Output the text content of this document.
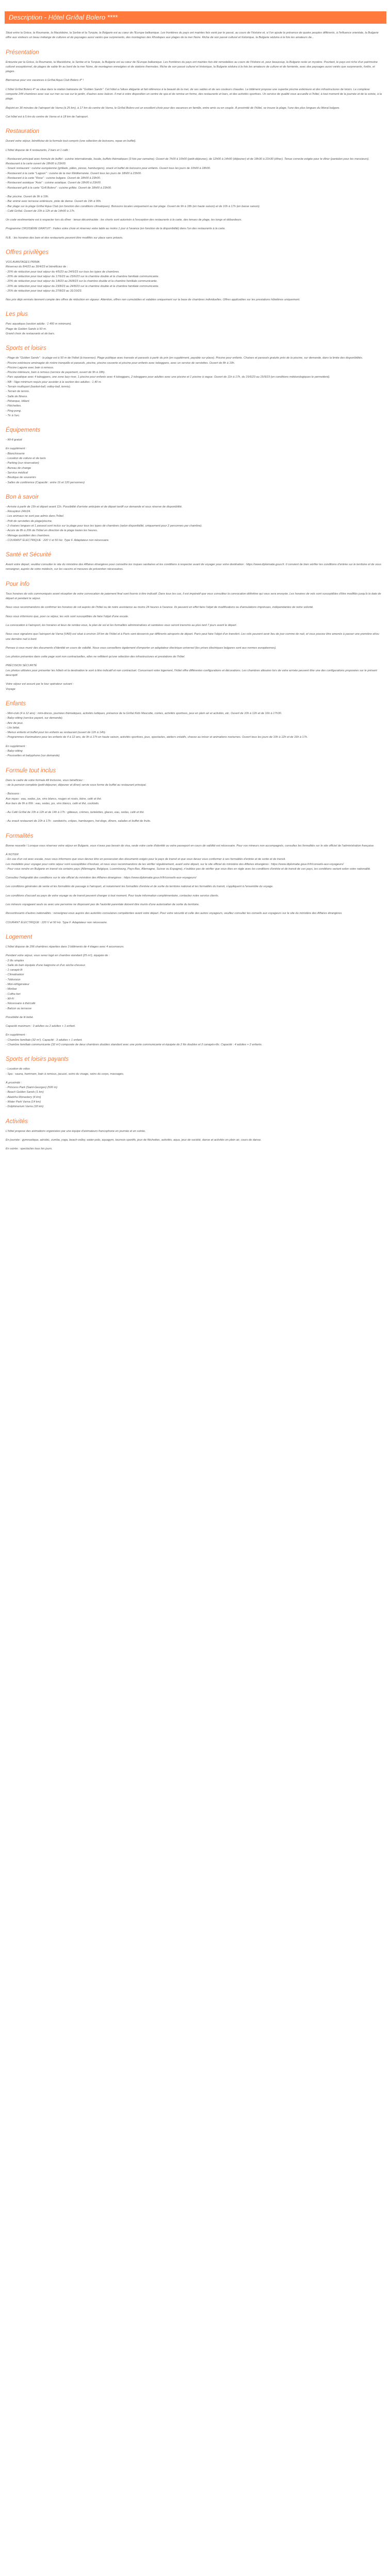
Description - Hôtel Gríðal Bolero ****
Situé entre la Grèce, la Roumanie, la Macédoine, la Serbie et la Turquie, la Bulgarie est au cœur de l'Europe balkanique. Les frontières du pays ont maintes fois varié par le passé, au cours de l'histoire et, si l'on ajoute la présence de quatre peuples différents, à l'influence orientale, la Bulgarie offre aux visiteurs un beau mélange de cultures et de paysages aussi variés que surprenants, des montagnes des Rhodopes aux plages de la mer Noire. Riche de son passé culturel et historique, la Bulgarie séduira à la fois les amateurs de...
Présentation
Entourée par la Grèce, la Roumanie, la Macédoine, la Serbie et la Turquie, la Bulgarie est au cœur de l'Europe balkanique. Les frontières du pays ont maintes fois été remodelées au cours de l'histoire et, pour beaucoup, la Bulgarie reste un mystère. Pourtant, le pays est riche d'un patrimoine culturel exceptionnel, de plages de sable fin au bord de la mer Noire, de montagnes enneigées et de stations thermales. Riche de son passé culturel et historique, la Bulgarie séduira à la fois les amateurs de culture et de farniente, avec des paysages aussi variés que surprenants, forêts, et plages.
Bienvenue pour vos vacances à Gríðal Aqua Club Bolero 4* !
L'hôtel Gríðal Bolero 4* se situe dans la station balnéaire de "Golden Sands". Cet hôtel a l'allure élégante et fait référence à la beauté de la mer, de ses sables et de ses couleurs chaudes. Le bâtiment propose une superbe piscine extérieure et des infrastructures de loisirs. Le complexe comporte 244 chambres avec vue sur mer ou vue sur le jardin, d'autres avec balcon. Il met à votre disposition un centre de spa et de remise en forme, des restaurants et bars, et des activités sportives. Un service de qualité vous accueille à l'hôtel, à tout moment de la journée et de la soirée, à la plage.
Rejoint en 30 minutes de l'aéroport de Varna (à 25 km), à 17 km du centre de Varna, le Gríðal Bolero est un excellent choix pour des vacances en famille, entre amis ou en couple. À proximité de l'hôtel, se trouve la plage, l'une des plus longues du littoral bulgare.
Cet hôtel est à 5 km du centre de Varna et à 18 km de l'aéroport.
Restauration
Durant votre séjour, bénéficiez de la formule tout compris (une sélection de boissons, repas en buffet).
L'hôtel dispose de 4 restaurants, 2 bars et 1 café :
- Restaurant principal avec formule de buffet : cuisine internationale, locale, buffets thématiques (3 fois par semaine). Ouvert de 7h00 à 10h00 (petit-déjeuner), de 12h00 à 14h00 (déjeuner) et de 18h30 à 21h30 (dîner). Tenue correcte exigée pour le dîner (pantalon pour les messieurs). Restaurant à la carte ouvert de 18h00 à 23h00.
- Snack restaurant : cuisine européenne (grillade, pâtes, pizzas, hamburgers), snack et buffet de boissons pour enfants. Ouvert tous les jours de 10h00 à 18h00.
- Restaurant à la carte "Lagoon" : cuisine de la mer Méditerranée. Ouvert tous les jours de 18h00 à 23h00.
- Restaurant à la carte "Rose" : cuisine bulgare. Ouvert de 18h00 à 23h00.
- Restaurant asiatique "Asia" : cuisine asiatique. Ouvert de 18h00 à 23h00.
- Restaurant grill à la carte "Grill Bolero" : cuisine grillée. Ouvert de 18h00 à 23h00.
- Bar piscine. Ouvert de 9h à 19h.
- Bar animé avec terrasse extérieure, piste de danse. Ouvert de 19h à 00h.
- Bar plage sur la plage Gríðal Aqua Club (en fonction des conditions climatiques). Boissons locales uniquement au bar plage. Ouvert de 9h à 18h (en haute saison) et de 10h à 17h (en basse saison).
- Café Gríðal. Ouvert de 10h à 12h et de 14h00 à 17h.
Un code vestimentaire est à respecter lors du dîner : tenue décontractée : les shorts sont autorisés à l'exception des restaurants à la carte, des tenues de plage, les tongs et débardeurs.
Programme CROISIÈRE GRATUIT : Faites votre choix et réservez votre table au moins 1 jour à l'avance (en fonction de la disponibilité) dans l'un des restaurants à la carte.
N.B. : les horaires des bars et des restaurants peuvent être modifiés sur place sans préavis.
Offres privilèges
VOS AVANTAGES PRIMA
Réservez du 8/4/23 au 30/4/23 et bénéficiez de :
- 20% de réduction pour tout séjour du 4/5/23 au 24/5/23 sur tous les types de chambres.
- 20% de réduction pour tout séjour du 17/6/23 au 23/6/23 sur la chambre double et la chambre familiale communicante.
- 20% de réduction pour tout séjour du 1/8/23 au 26/8/23 sur la chambre double et la chambre familiale communicante.
- 20% de réduction pour tout séjour du 23/8/23 au 24/8/23 sur la chambre double et la chambre familiale communicante.
- 25% de réduction pour tout séjour du 27/8/23 au 31/10/23.
Nos prix déjà remisés tiennent compte des offres de réduction en vigueur. Attention, offres non cumulables et valables uniquement sur la base de chambres individuelles. Offres applicables sur les prestations hôtelières uniquement.
Les plus
Parc aquatique (section adulte : 1 400 m minimum).
Plage de Golden Sands à 50 m.
Grand choix de restaurants et de bars.
Sports et loisirs
- Plage de "Golden Sands" : la plage est à 50 m de l'hôtel (à traverser). Plage publique avec transats et parasols à partir du prix (en supplément, payable sur place). Piscine pour enfants. Chaises et parasols gratuits près de la piscine, sur demande, dans la limite des disponibilités.
- Piscine extérieure aménagée de rivière tranquille et parasols, piscine, piscine couverte et piscine pour enfants avec toboggans, avec un service de serviettes. Ouvert de 8h à 19h.
- Piscine Lagune avec bain à remous.
- Piscine intérieure, bain à remous (service de payement, ouvert de 9h à 18h).
- Parc aquatique avec 4 toboggans, une zone lazy river, 1 piscine pour enfants avec 4 toboggans, 2 toboggans pour adultes avec une piscine et 1 piscine à vague. Ouvert de 11h à 17h, du 15/6/23 au 15/9/23 (en conditions météorologiques le permettent).
- NB : l'âge minimum requis pour accéder à la section des adultes : 1,40 m.
- Terrain multisport (basket-ball, volley-ball, tennis).
- Terrain de tennis.
- Salle de fitness.
- Pétanque, billard.
- Fléchettes.
- Ping-pong.
- Tir à l'arc.
Équipements
- Wi-fi gratuit
En supplément :
- Blanchisserie
- Location de voiture et de taxis
- Parking (sur réservation)
- Bureau de change
- Service médical
- Boutique de souvenirs
- Salles de conférence (Capacité : entre 16 et 120 personnes)
Bon à savoir
- Arrivée à partir de 15h et départ avant 11h. Possibilité d'arrivée anticipée et de départ tardif sur demande et sous réserve de disponibilité.
- Réception 24h/24.
- Les animaux ne sont pas admis dans l'hôtel.
- Prêt de serviettes de plage/piscine.
- 2 chaises longues et 1 parasol sont inclus sur la plage pour tous les types de chambres (selon disponibilité, uniquement pour 2 personnes par chambre).
- Accès de 8h à 20h de l'hôtel en direction de la plage toutes les heures.
- Ménage quotidien des chambres.
- COURANT ÉLECTRIQUE : 220 V et 50 Hz. Type F. Adaptateur non nécessaire.
Santé et Sécurité
Avant votre départ, veuillez consulter le site du ministère des Affaires étrangères pour connaître les risques sanitaires et les conditions à respecter avant de voyager pour votre destination : https://www.diplomatie.gouv.fr. Il convient de bien vérifier les conditions d'entrée sur le territoire et de vous renseigner, auprès de votre médecin, sur les vaccins et mesures de prévention nécessaires.
Pour info
Tous horaires de vols communiqués avant réception de votre convocation de paiement final sont fournis à titre indicatif. Dans tous les cas, il est impératif que vous consultiez la convocation définitive qui vous sera envoyée. Les horaires de vols sont susceptibles d'être modifiés jusqu'à la date de départ et pendant le séjour.
Nous vous recommandons de confirmer les horaires de vol auprès de l'hôtel ou de notre assistance au moins 24 heures à l'avance. Ils peuvent en effet faire l'objet de modifications ou d'annulations imprévues, indépendantes de notre volonté.
Nous vous informons que, pour ce séjour, les vols sont susceptibles de faire l'objet d'une escale.
La convocation à l'aéroport, les horaires et lieux de rendez-vous, le plan de vol et les formalités administratives et sanitaires vous seront transmis au plus tard 7 jours avant le départ.
Nous vous signalons que l'aéroport de Varna (VAR) est situé à environ 18 km de l'hôtel et à Paris sont desservis par différents aéroports de départ. Paris peut faire l'objet d'un transfert. Les vols peuvent avoir lieu de jour comme de nuit, et vous pouvez être amenés à passer une première et/ou une dernière nuit à bord.
Pensez à vous munir des documents d'identité en cours de validité. Nous vous conseillons également d'emporter un adaptateur électrique universel (les prises électriques bulgares sont aux normes européennes).
Les photos présentes dans cette page sont non contractuelles, elles ne reflètent qu'une sélection des infrastructures et prestations de l'hôtel.
PRÉCISION SÉCURITÉ
Les photos utilisées pour présenter les hôtels et la destination le sont à titre indicatif et non contractuel. Concernant votre logement, l'hôtel offre différentes configurations et décorations. Les chambres allouées lors de votre arrivée peuvent être une des configurations proposées sur le présent descriptif.
Votre séjour est assuré par le tour opérateur suivant :
Voyage
Enfants
- Mini-club (4 à 12 ans) : mini-discos, journées thématiques, activités ludiques, présence de la Gríðal Kids Mascotte, contes, activités sportives, jeux en plein air et activités, etc. Ouvert de 10h à 12h et de 16h à 17h30.
- Baby-sitting (service payant, sur demande).
- Aire de jeux.
- Lits bébé.
- Menus enfants et buffet pour les enfants au restaurant (ouvert de 12h à 14h).
- Programmes d'animations pour les enfants de 4 à 12 ans, de 9h à 17h en haute saison, activités sportives, jeux, spectacles, ateliers créatifs, chasse au trésor et animations nocturnes. Ouvert tous les jours de 10h à 12h et de 16h à 17h.
En supplément :
- Baby-sitting
- Poussettes et babyphone (sur demande)
Formule tout inclus
Dans le cadre de votre formule All Inclusive, vous bénéficiez :
- de la pension complète (petit-déjeuner, déjeuner et dîner) servie sous forme de buffet au restaurant principal.
- Boissons :
Aux repas : eau, sodas, jus, vins blancs, rouges et rosés, bière, café et thé.
Aux bars de 9h à 00h : eau, sodas, jus, vins blancs, café et thé, cocktails.
- Au Café Gríðal de 10h à 12h et de 14h à 17h : gâteaux, crèmes, tartelettes, glaces, eau, sodas, café et thé.
- Au snack restaurant de 10h à 17h : sandwichs, crêpes, hamburgers, hot-dogs, dîners, salades et buffet de fruits.
Formalités
Bonne nouvelle ! Lorsque vous réservez votre séjour en Bulgarie, vous n'avez pas besoin de visa, seule votre carte d'identité ou votre passeport en cours de validité est nécessaire. Pour vos mineurs non accompagnés, consultez les formalités sur le site officiel de l'administration française.
À NOTER
- En cas d'un vol avec escale, nous vous informons que vous devrez être en possession des documents exigés pour le pays de transit et que vous devez vous conformer à ses formalités d'entrée et de sortie et de transit.
Les modalités pour voyager pour votre séjour sont susceptibles d'évoluer, et nous vous recommandons de les vérifier régulièrement, avant votre départ, sur le site officiel du ministère des Affaires étrangères : https://www.diplomatie.gouv.fr/fr/conseils-aux-voyageurs/
- Pour vous rendre en Bulgarie en transit via certains pays (Allemagne, Belgique, Luxembourg, Pays-Bas, Allemagne, Suisse ou Espagne), n'oubliez pas de vérifier que vous êtes en règle avec les conditions d'entrée et de transit de ces pays, les conditions variant selon votre nationalité.
Consultez l'intégralité des conditions sur le site officiel du ministère des Affaires étrangères : https://www.diplomatie.gouv.fr/fr/conseils-aux-voyageurs/
Les conditions générales de vente et les formalités de passage à l'aéroport, et notamment les formalités d'entrée et de sortie du territoire national et les formalités du transit, s'appliquent à l'ensemble du voyage.
Les conditions d'accueil au pays de votre voyage ou de transit peuvent changer à tout moment. Pour toute information complémentaire, contactez notre service clients.
Les mineurs voyageant seuls ou avec une personne ne disposant pas de l'autorité parentale doivent être munis d'une autorisation de sortie du territoire.
Ressortissants d'autres nationalités : renseignez-vous auprès des autorités consulaires compétentes avant votre départ. Pour votre sécurité et celle des autres voyageurs, veuillez consulter les conseils aux voyageurs sur le site du ministère des Affaires étrangères.
COURANT ÉLECTRIQUE : 220 V et 50 Hz. Type F. Adaptateur non nécessaire.
Logement
L'hôtel dispose de 296 chambres réparties dans 3 bâtiments de 4 étages avec 4 ascenseurs.
Pendant votre séjour, vous serez logé en chambre standard (25 m²), équipée de :
- 2 lits simples
- Salle de bain équipée d'une baignoire et d'un sèche-cheveux
- 1 canapé-lit
- Climatisation
- Télévision
- Mini-réfrigérateur
- Minibar
- Coffre-fort
- Wi-Fi
- Nécessaire à thé/café
- Balcon ou terrasse
Possibilité de lit bébé.
Capacité maximum : 3 adultes ou 2 adultes + 1 enfant.
En supplément :
- Chambre familiale (32 m²). Capacité : 3 adultes + 1 enfant.
- Chambre familiale communicante (32 m²) composée de deux chambres doubles standard avec une porte communicante et équipée de 2 lits doubles et 2 canapés-lits. Capacité : 4 adultes + 2 enfants.
Sports et loisirs payants
- Location de vélos
- Spa : sauna, hammam, bain à remous, jacuzzi, soins du visage, soins du corps, massages.
À proximité :
- Princess Park (Saint-Georges) (500 m)
- Beach Golden Sands (1 km)
- Aladzha Monastery (4 km)
- Water Park Varna (14 km)
- Dolphinarium Varna (18 km)
Activités
L'hôtel propose des animations organisées par une équipe d'animateurs francophone en journée et en soirée.
En journée : gymnastique, aérobic, zumba, yoga, beach-volley, water-polo, aquagym, tournois sportifs, jeux de fléchettes, activités, aqua, jeux de société, danse et activités en plein air, cours de danse.
En soirée : spectacles tous les jours.
